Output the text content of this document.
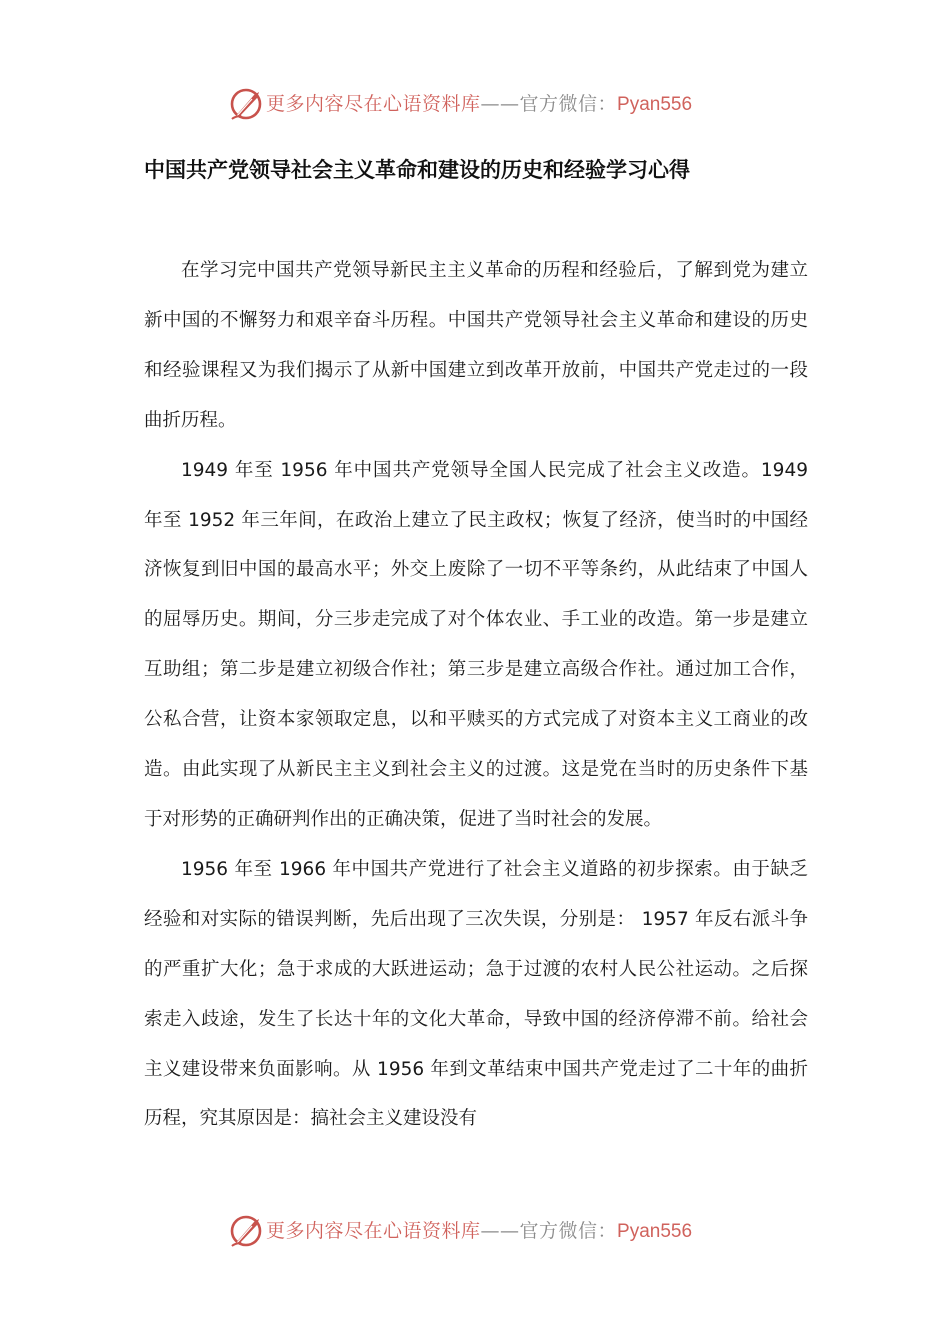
更多内容尽在心语资料库——官方微信：Pyan556
中国共产党领导社会主义革命和建设的历史和经验学习心得

在学习完中国共产党领导新民主主义革命的历程和经验后，了解到党为建立新中国的不懈努力和艰辛奋斗历程。中国共产党领导社会主义革命和建设的历史和经验课程又为我们揭示了从新中国建立到改革开放前，中国共产党走过的一段曲折历程。

1949 年至 1956 年中国共产党领导全国人民完成了社会主义改造。1949 年至 1952 年三年间，在政治上建立了民主政权；恢复了经济，使当时的中国经济恢复到旧中国的最高水平；外交上废除了一切不平等条约，从此结束了中国人的屈辱历史。期间，分三步走完成了对个体农业、手工业的改造。第一步是建立互助组；第二步是建立初级合作社；第三步是建立高级合作社。通过加工合作，公私合营，让资本家领取定息，以和平赎买的方式完成了对资本主义工商业的改造。由此实现了从新民主主义到社会主义的过渡。这是党在当时的历史条件下基于对形势的正确研判作出的正确决策，促进了当时社会的发展。

1956 年至 1966 年中国共产党进行了社会主义道路的初步探索。由于缺乏经验和对实际的错误判断，先后出现了三次失误，分别是： 1957 年反右派斗争的严重扩大化；急于求成的大跃进运动；急于过渡的农村人民公社运动。之后探索走入歧途，发生了长达十年的文化大革命，导致中国的经济停滞不前。给社会主义建设带来负面影响。从 1956 年到文革结束中国共产党走过了二十年的曲折历程，究其原因是：搞社会主义建设没有

更多内容尽在心语资料库——官方微信：Pyan556
